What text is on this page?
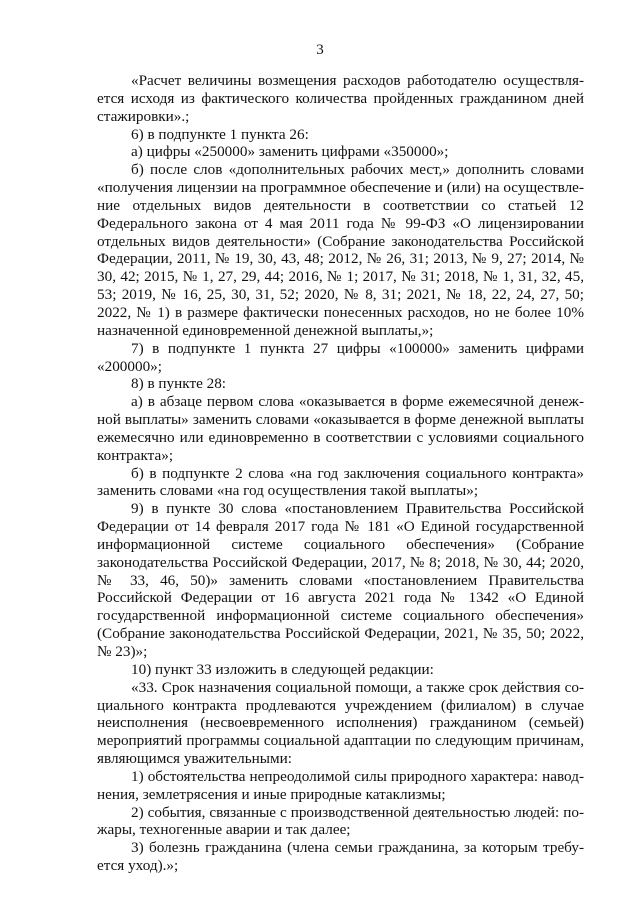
3

«Расчет величины возмещения расходов работодателю осуществляется исходя из фактического количества пройденных гражданином дней стажировки».;

6) в подпункте 1 пункта 26:

а) цифры «250000» заменить цифрами «350000»;

б) после слов «дополнительных рабочих мест,» дополнить словами «получения лицензии на программное обеспечение и (или) на осуществление отдельных видов деятельности в соответствии со статьей 12 Федерального закона от 4 мая 2011 года № 99-ФЗ «О лицензировании отдельных видов деятельности» (Собрание законодательства Российской Федерации, 2011, № 19, 30, 43, 48; 2012, № 26, 31; 2013, № 9, 27; 2014, № 30, 42; 2015, № 1, 27, 29, 44; 2016, № 1; 2017, № 31; 2018, № 1, 31, 32, 45, 53; 2019, № 16, 25, 30, 31, 52; 2020, № 8, 31; 2021, № 18, 22, 24, 27, 50; 2022, № 1) в размере фактически понесенных расходов, но не более 10% назначенной единовременной денежной выплаты,»;

7) в подпункте 1 пункта 27 цифры «100000» заменить цифрами «200000»;

8) в пункте 28:

а) в абзаце первом слова «оказывается в форме ежемесячной денежной выплаты» заменить словами «оказывается в форме денежной выплаты ежемесячно или единовременно в соответствии с условиями социального контракта»;

б) в подпункте 2 слова «на год заключения социального контракта» заменить словами «на год осуществления такой выплаты»;

9) в пункте 30 слова «постановлением Правительства Российской Федерации от 14 февраля 2017 года № 181 «О Единой государственной информационной системе социального обеспечения» (Собрание законодательства Российской Федерации, 2017, № 8; 2018, № 30, 44; 2020, № 33, 46, 50)» заменить словами «постановлением Правительства Российской Федерации от 16 августа 2021 года № 1342 «О Единой государственной информационной системе социального обеспечения» (Собрание законодательства Российской Федерации, 2021, № 35, 50; 2022, № 23)»;

10) пункт 33 изложить в следующей редакции:

«33. Срок назначения социальной помощи, а также срок действия социального контракта продлеваются учреждением (филиалом) в случае неисполнения (несвоевременного исполнения) гражданином (семьей) мероприятий программы социальной адаптации по следующим причинам, являющимся уважительными:

1) обстоятельства непреодолимой силы природного характера: наводнения, землетрясения и иные природные катаклизмы;

2) события, связанные с производственной деятельностью людей: пожары, техногенные аварии и так далее;

3) болезнь гражданина (члена семьи гражданина, за которым требуется уход).»;
